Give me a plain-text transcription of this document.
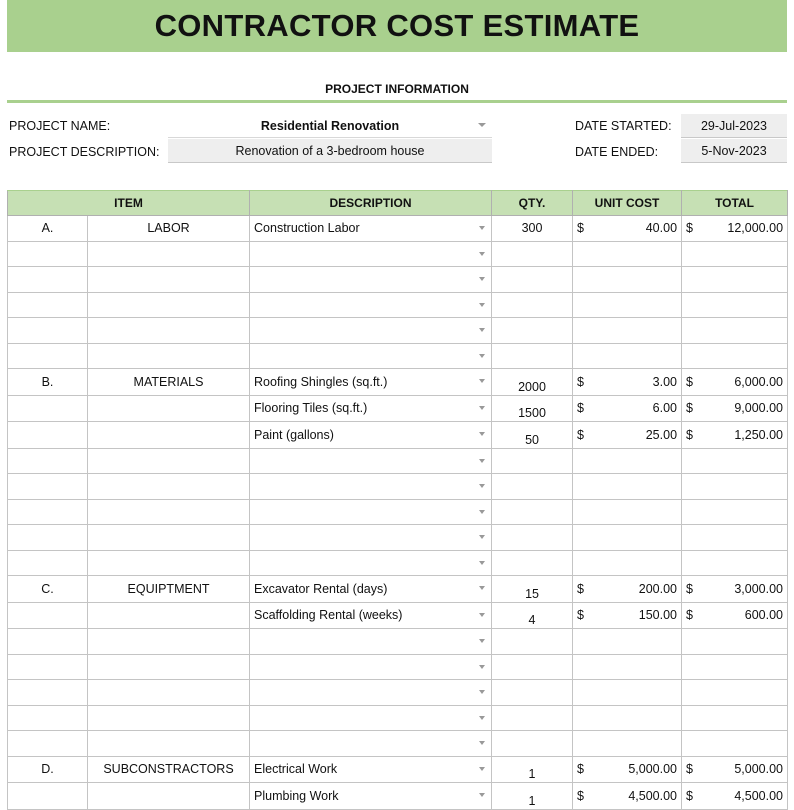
CONTRACTOR COST ESTIMATE
PROJECT INFORMATION
PROJECT NAME:	Residential Renovation
PROJECT DESCRIPTION:	Renovation of a 3-bedroom house
DATE STARTED: 29-Jul-2023
DATE ENDED:	5-Nov-2023
ITEM		DESCRIPTION	QTY.	UNIT COST	TOTAL
A.	LABOR	Construction Labor	300	$ 40.00	$ 12,000.00

B.	MATERIALS	Roofing Shingles (sq.ft.)	2000	$ 3.00	$ 6,000.00

		Flooring Tiles (sq.ft.)	1500	$ 6.00	$ 9,000.00

		Paint (gallons)	50	$ 25.00	$ 1,250.00

C.	EQUIPTMENT	Excavator Rental (days)	15	$ 200.00	$ 3,000.00

		Scaffolding Rental (weeks)	4	$ 150.00	$ 600.00

D.	SUBCONSTRACTORS	Electrical Work	1	$ 5,000.00	$ 5,000.00

		Plumbing Work	1	$ 4,500.00	$ 4,500.00
